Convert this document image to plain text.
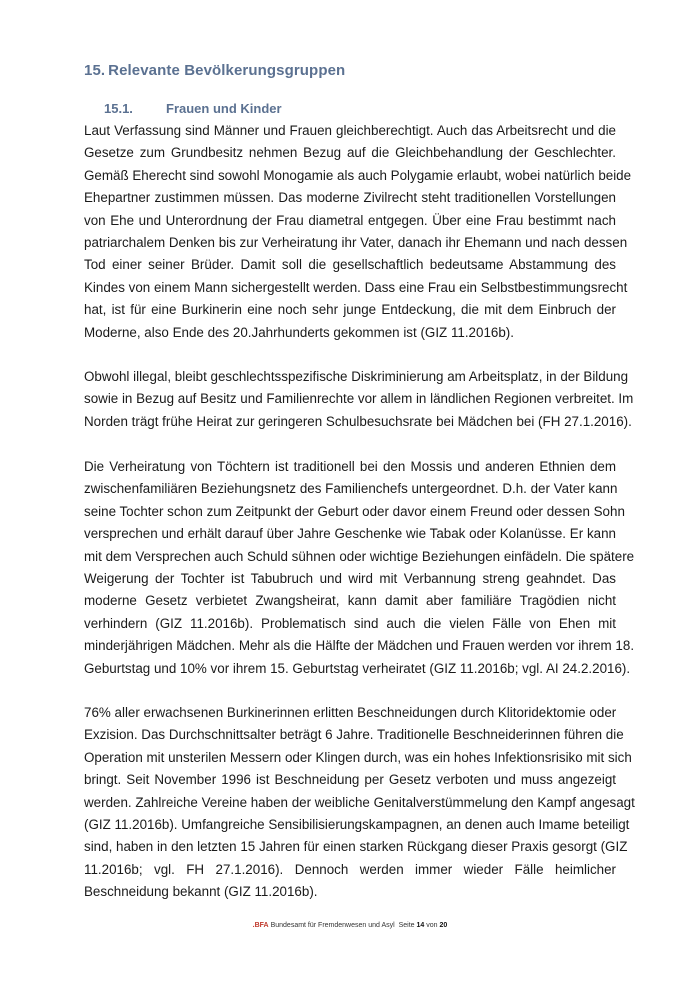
15. Relevante Bevölkerungsgruppen
15.1.	Frauen und Kinder
Laut Verfassung sind Männer und Frauen gleichberechtigt. Auch das Arbeitsrecht und die
Gesetze zum Grundbesitz nehmen Bezug auf die Gleichbehandlung der Geschlechter.
Gemäß Eherecht sind sowohl Monogamie als auch Polygamie erlaubt, wobei natürlich beide
Ehepartner zustimmen müssen. Das moderne Zivilrecht steht traditionellen Vorstellungen
von Ehe und Unterordnung der Frau diametral entgegen. Über eine Frau bestimmt nach
patriarchalem Denken bis zur Verheiratung ihr Vater, danach ihr Ehemann und nach dessen
Tod einer seiner Brüder. Damit soll die gesellschaftlich bedeutsame Abstammung des
Kindes von einem Mann sichergestellt werden. Dass eine Frau ein Selbstbestimmungsrecht
hat, ist für eine Burkinerin eine noch sehr junge Entdeckung, die mit dem Einbruch der
Moderne, also Ende des 20.Jahrhunderts gekommen ist (GIZ 11.2016b).
Obwohl illegal, bleibt geschlechtsspezifische Diskriminierung am Arbeitsplatz, in der Bildung
sowie in Bezug auf Besitz und Familienrechte vor allem in ländlichen Regionen verbreitet. Im
Norden trägt frühe Heirat zur geringeren Schulbesuchsrate bei Mädchen bei (FH 27.1.2016).
Die Verheiratung von Töchtern ist traditionell bei den Mossis und anderen Ethnien dem
zwischenfamiliären Beziehungsnetz des Familienchefs untergeordnet. D.h. der Vater kann
seine Tochter schon zum Zeitpunkt der Geburt oder davor einem Freund oder dessen Sohn
versprechen und erhält darauf über Jahre Geschenke wie Tabak oder Kolanüsse. Er kann
mit dem Versprechen auch Schuld sühnen oder wichtige Beziehungen einfädeln. Die spätere
Weigerung der Tochter ist Tabubruch und wird mit Verbannung streng geahndet. Das
moderne Gesetz verbietet Zwangsheirat, kann damit aber familiäre Tragödien nicht
verhindern (GIZ 11.2016b). Problematisch sind auch die vielen Fälle von Ehen mit
minderjährigen Mädchen. Mehr als die Hälfte der Mädchen und Frauen werden vor ihrem 18.
Geburtstag und 10% vor ihrem 15. Geburtstag verheiratet (GIZ 11.2016b; vgl. AI 24.2.2016).
76% aller erwachsenen Burkinerinnen erlitten Beschneidungen durch Klitoridektomie oder
Exzision. Das Durchschnittsalter beträgt 6 Jahre. Traditionelle Beschneiderinnen führen die
Operation mit unsterilen Messern oder Klingen durch, was ein hohes Infektionsrisiko mit sich
bringt. Seit November 1996 ist Beschneidung per Gesetz verboten und muss angezeigt
werden. Zahlreiche Vereine haben der weibliche Genitalverstümmelung den Kampf angesagt
(GIZ 11.2016b). Umfangreiche Sensibilisierungskampagnen, an denen auch Imame beteiligt
sind, haben in den letzten 15 Jahren für einen starken Rückgang dieser Praxis gesorgt (GIZ
11.2016b; vgl. FH 27.1.2016). Dennoch werden immer wieder Fälle heimlicher
Beschneidung bekannt (GIZ 11.2016b).
.BFA Bundesamt für Fremdenwesen und Asyl Seite 14 von 20
